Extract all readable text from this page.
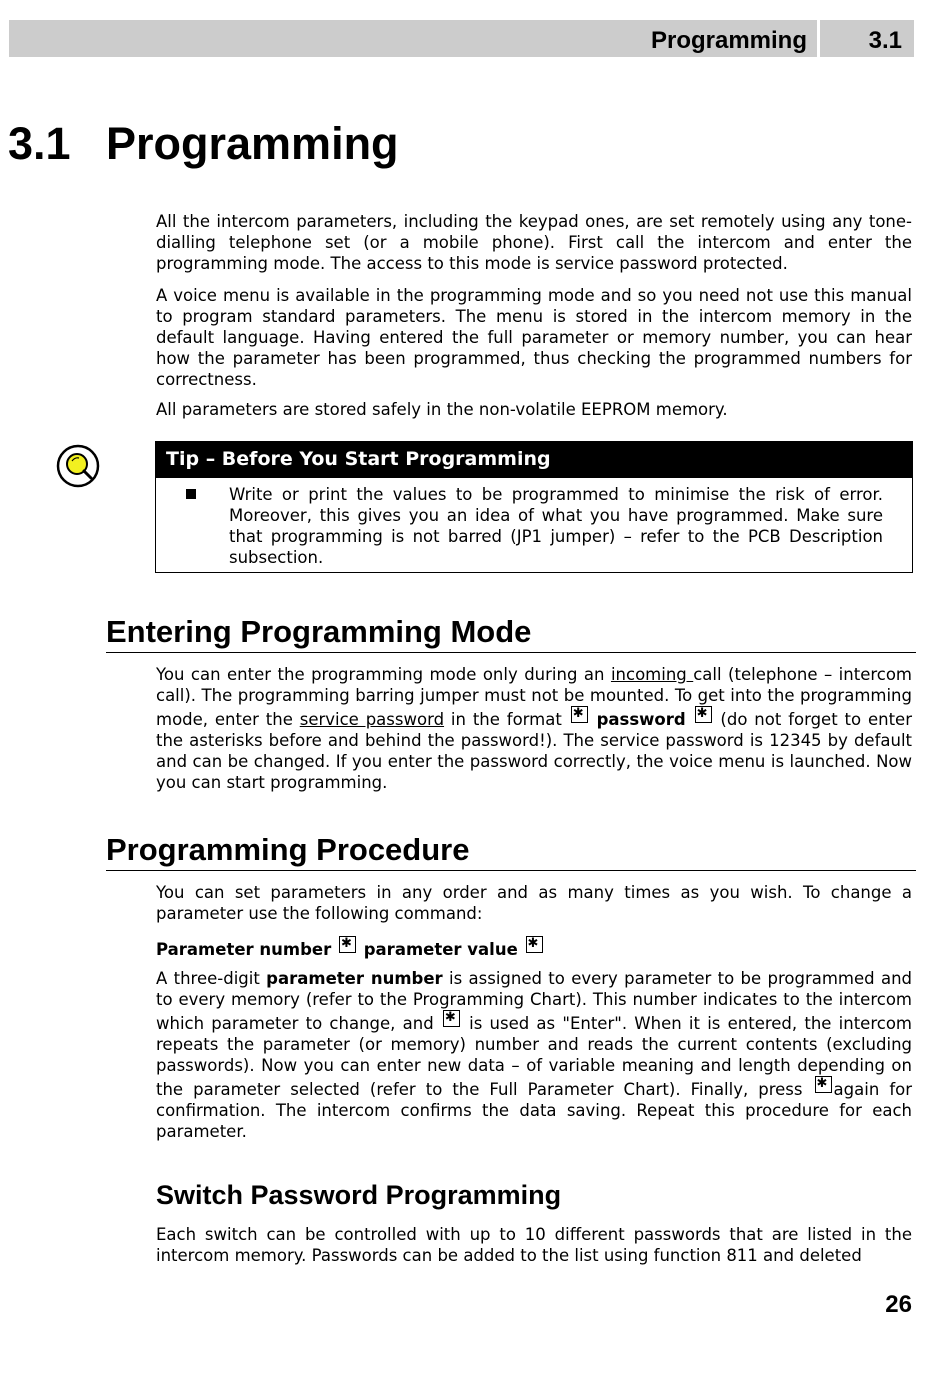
Programming	3.1
3.1 Programming

All the intercom parameters, including the keypad ones, are set remotely using any tone-dialling telephone set (or a mobile phone). First call the intercom and enter the programming mode. The access to this mode is service password protected.

A voice menu is available in the programming mode and so you need not use this manual to program standard parameters. The menu is stored in the intercom memory in the default language. Having entered the full parameter or memory number, you can hear how the parameter has been programmed, thus checking the programmed numbers for correctness.

All parameters are stored safely in the non-volatile EEPROM memory.

Tip – Before You Start Programming

Write or print the values to be programmed to minimise the risk of error. Moreover, this gives you an idea of what you have programmed. Make sure that programming is not barred (JP1 jumper) – refer to the PCB Description subsection.

Entering Programming Mode

You can enter the programming mode only during an incoming call (telephone – intercom call). The programming barring jumper must not be mounted. To get into the programming mode, enter the service password in the format ✱ password ✱ (do not forget to enter the asterisks before and behind the password!). The service password is 12345 by default and can be changed. If you enter the password correctly, the voice menu is launched. Now you can start programming.

Programming Procedure

You can set parameters in any order and as many times as you wish. To change a parameter use the following command:

Parameter number ✱ parameter value ✱

A three-digit parameter number is assigned to every parameter to be programmed and to every memory (refer to the Programming Chart). This number indicates to the intercom which parameter to change, and ✱ is used as "Enter". When it is entered, the intercom repeats the parameter (or memory) number and reads the current contents (excluding passwords). Now you can enter new data – of variable meaning and length depending on the parameter selected (refer to the Full Parameter Chart). Finally, press ✱again for confirmation. The intercom confirms the data saving. Repeat this procedure for each parameter.

Switch Password Programming

Each switch can be controlled with up to 10 different passwords that are listed in the intercom memory. Passwords can be added to the list using function 811 and deleted

26
